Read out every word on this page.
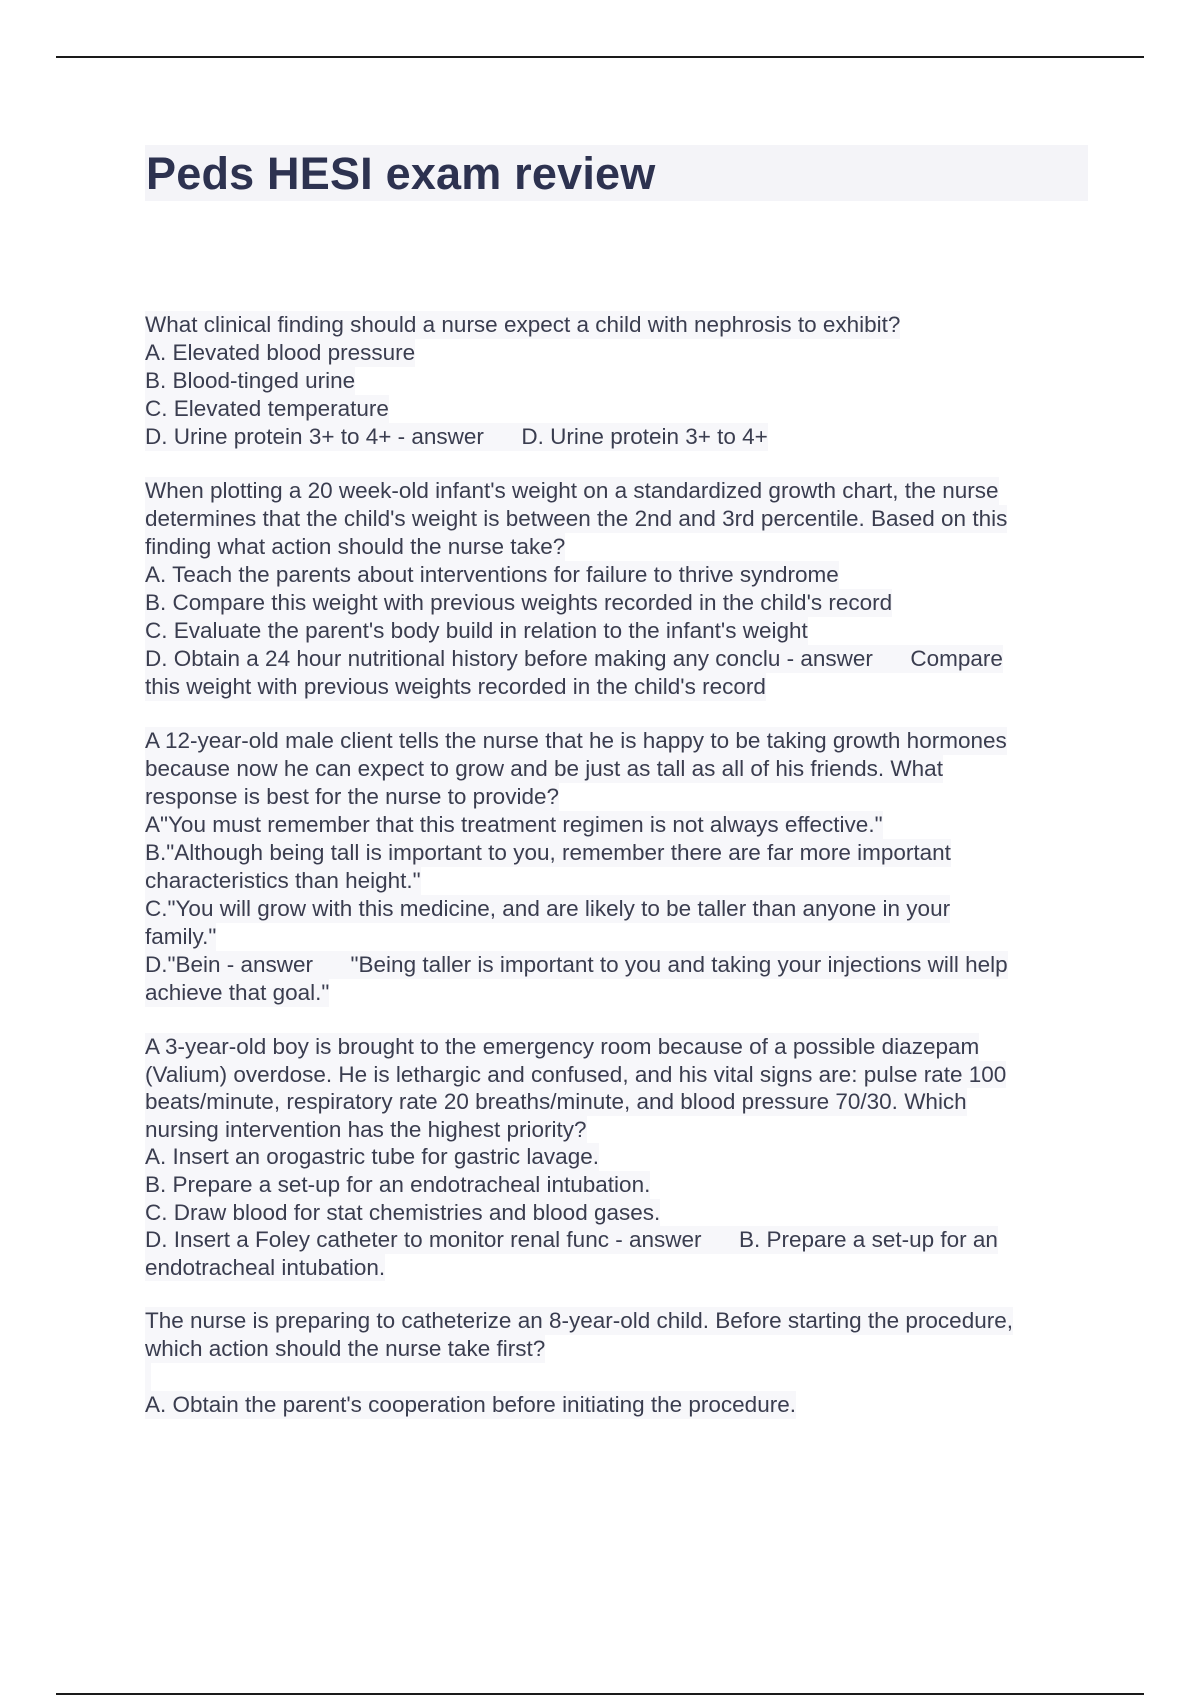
Peds HESI exam review
What clinical finding should a nurse expect a child with nephrosis to exhibit?
A. Elevated blood pressure
B. Blood-tinged urine
C. Elevated temperature
D. Urine protein 3+ to 4+ - answer      D. Urine protein 3+ to 4+
When plotting a 20 week-old infant's weight on a standardized growth chart, the nurse
determines that the child's weight is between the 2nd and 3rd percentile. Based on this
finding what action should the nurse take?
A. Teach the parents about interventions for failure to thrive syndrome
B. Compare this weight with previous weights recorded in the child's record
C. Evaluate the parent's body build in relation to the infant's weight
D. Obtain a 24 hour nutritional history before making any conclu - answer      Compare
this weight with previous weights recorded in the child's record
A 12-year-old male client tells the nurse that he is happy to be taking growth hormones
because now he can expect to grow and be just as tall as all of his friends. What
response is best for the nurse to provide?
A"You must remember that this treatment regimen is not always effective."
B."Although being tall is important to you, remember there are far more important
characteristics than height."
C."You will grow with this medicine, and are likely to be taller than anyone in your
family."
D."Bein - answer      "Being taller is important to you and taking your injections will help
achieve that goal."
A 3-year-old boy is brought to the emergency room because of a possible diazepam
(Valium) overdose. He is lethargic and confused, and his vital signs are: pulse rate 100
beats/minute, respiratory rate 20 breaths/minute, and blood pressure 70/30. Which
nursing intervention has the highest priority?
A. Insert an orogastric tube for gastric lavage.
B. Prepare a set-up for an endotracheal intubation.
C. Draw blood for stat chemistries and blood gases.
D. Insert a Foley catheter to monitor renal func - answer      B. Prepare a set-up for an
endotracheal intubation.
The nurse is preparing to catheterize an 8-year-old child. Before starting the procedure,
which action should the nurse take first?

A. Obtain the parent's cooperation before initiating the procedure.
